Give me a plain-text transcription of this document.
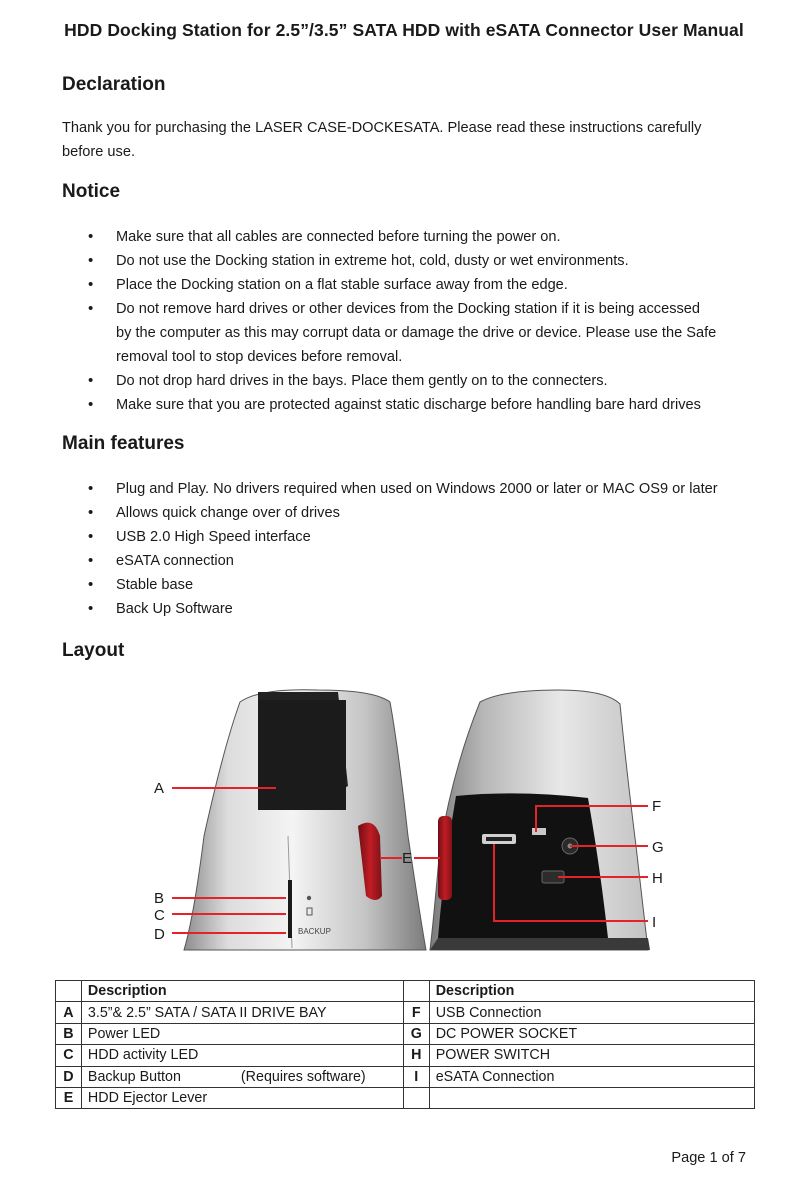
HDD Docking Station for 2.5”/3.5” SATA HDD with eSATA Connector User Manual
Declaration
Thank you for purchasing the LASER CASE-DOCKESATA. Please read these instructions carefully
before use.
Notice
• Make sure that all cables are connected before turning the power on.
• Do not use the Docking station in extreme hot, cold, dusty or wet environments.
• Place the Docking station on a flat stable surface away from the edge.
• Do not remove hard drives or other devices from the Docking station if it is being accessed
by the computer as this may corrupt data or damage the drive or device. Please use the Safe
removal tool to stop devices before removal.
• Do not drop hard drives in the bays. Place them gently on to the connecters.
• Make sure that you are protected against static discharge before handling bare hard drives
Main features
• Plug and Play. No drivers required when used on Windows 2000 or later or MAC OS9 or later
• Allows quick change over of drives
• USB 2.0 High Speed interface
• eSATA connection
• Stable base
• Back Up Software
Layout
BACKUP
A
B
C
D
E
F
G
H
I
	Description		Description
A	3.5”& 2.5” SATA / SATA II DRIVE BAY	F	USB Connection
B	Power LED	G	DC POWER SOCKET
C	HDD activity LED	H	POWER SWITCH
D	Backup Button (Requires software)	I	eSATA Connection
E	HDD Ejector Lever		
Page 1 of 7
